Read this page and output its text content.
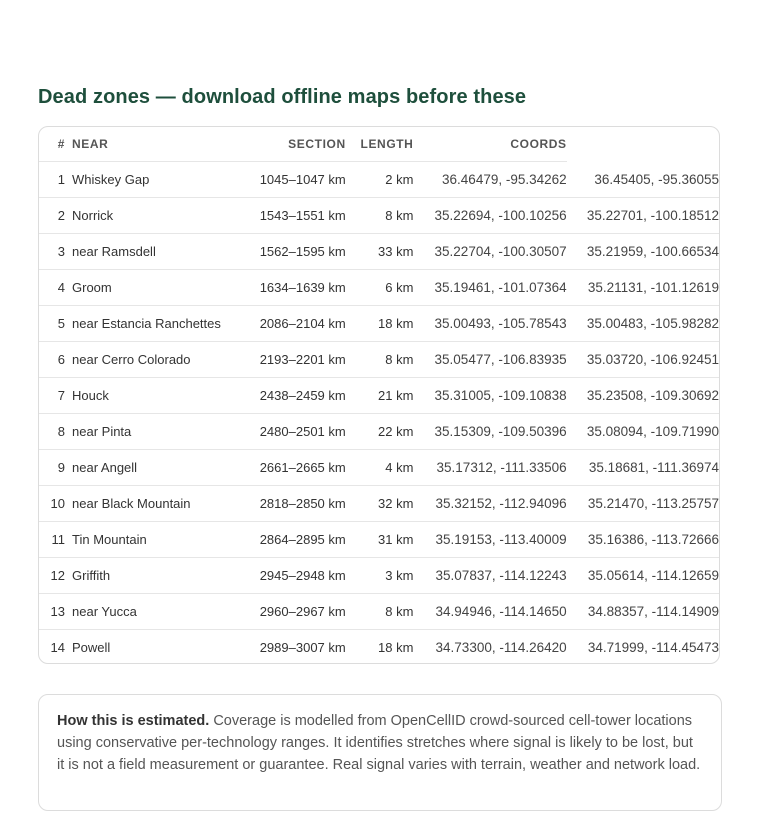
Dead zones — download offline maps before these
#	NEAR	SECTION	LENGTH	COORDS	
1	Whiskey Gap	1045–1047 km	2 km	36.46479, -95.34262	36.45405, -95.36055
2	Norrick	1543–1551 km	8 km	35.22694, -100.10256	35.22701, -100.18512
3	near Ramsdell	1562–1595 km	33 km	35.22704, -100.30507	35.21959, -100.66534
4	Groom	1634–1639 km	6 km	35.19461, -101.07364	35.21131, -101.12619
5	near Estancia Ranchettes	2086–2104 km	18 km	35.00493, -105.78543	35.00483, -105.98282
6	near Cerro Colorado	2193–2201 km	8 km	35.05477, -106.83935	35.03720, -106.92451
7	Houck	2438–2459 km	21 km	35.31005, -109.10838	35.23508, -109.30692
8	near Pinta	2480–2501 km	22 km	35.15309, -109.50396	35.08094, -109.71990
9	near Angell	2661–2665 km	4 km	35.17312, -111.33506	35.18681, -111.36974
10	near Black Mountain	2818–2850 km	32 km	35.32152, -112.94096	35.21470, -113.25757
11	Tin Mountain	2864–2895 km	31 km	35.19153, -113.40009	35.16386, -113.72666
12	Griffith	2945–2948 km	3 km	35.07837, -114.12243	35.05614, -114.12659
13	near Yucca	2960–2967 km	8 km	34.94946, -114.14650	34.88357, -114.14909
14	Powell	2989–3007 km	18 km	34.73300, -114.26420	34.71999, -114.45473
How this is estimated. Coverage is modelled from OpenCellID crowd-sourced cell-tower locations using conservative per-technology ranges. It identifies stretches where signal is likely to be lost, but it is not a field measurement or guarantee. Real signal varies with terrain, weather and network load.
